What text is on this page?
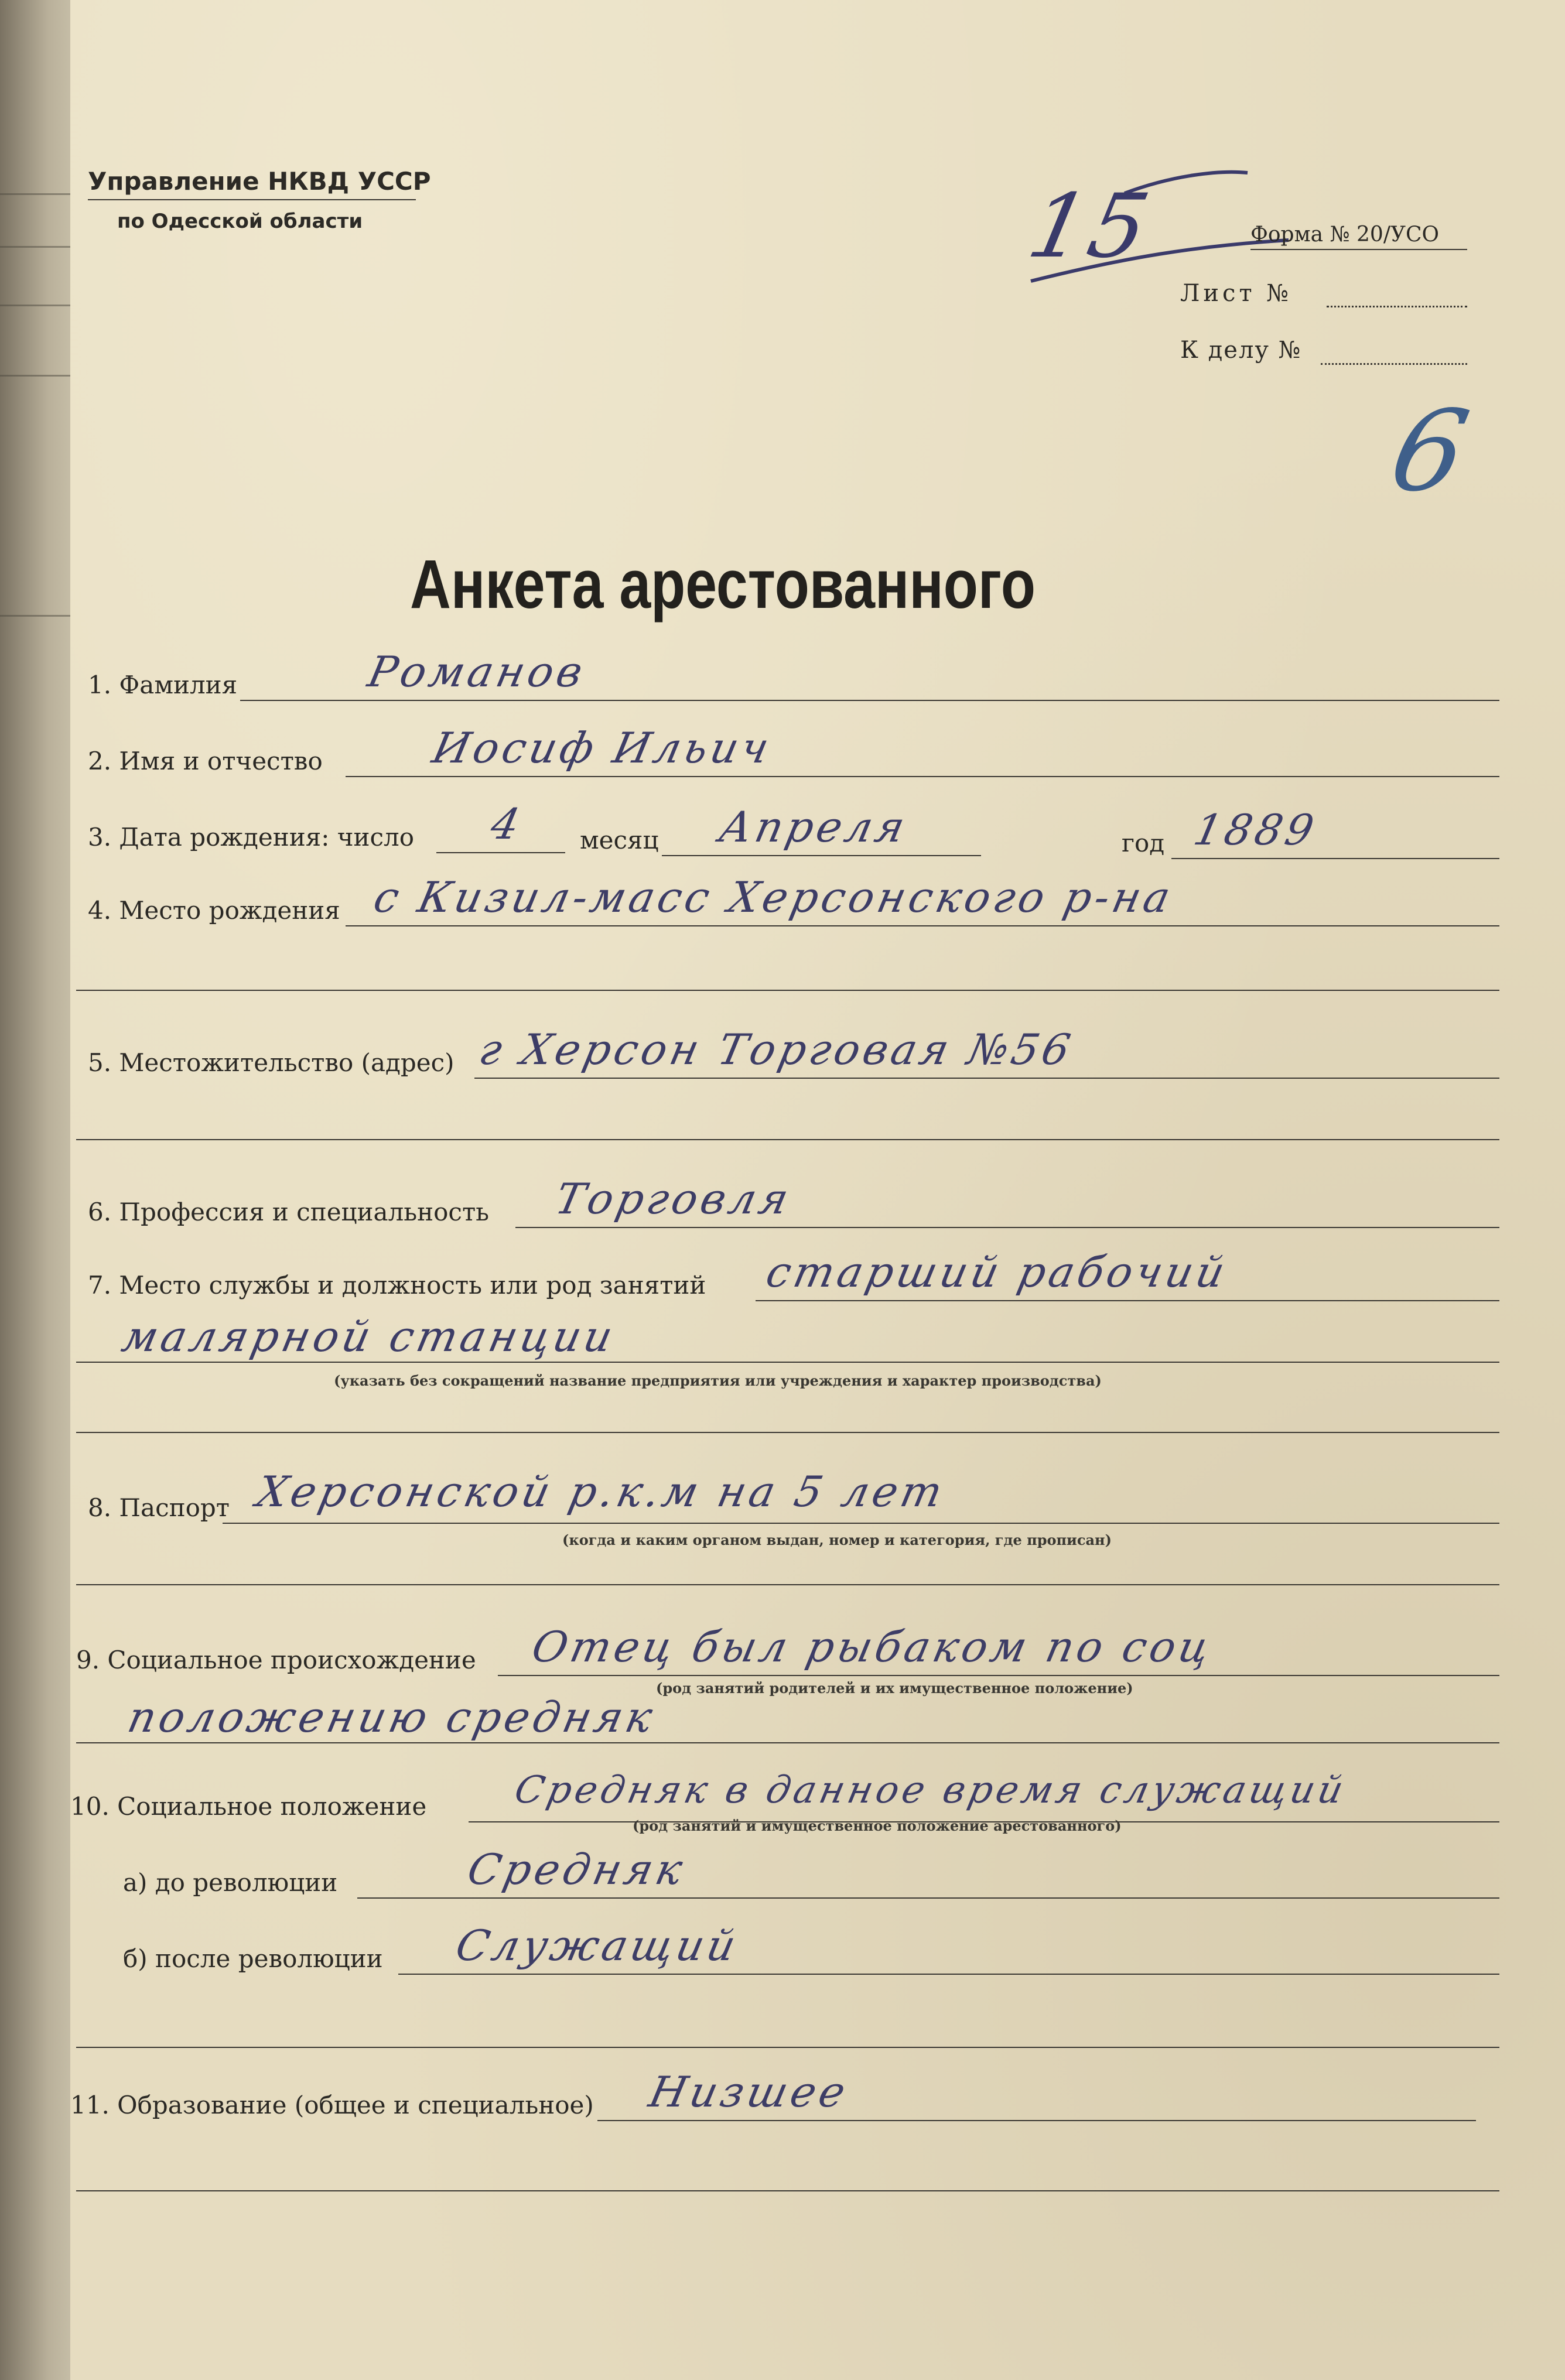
Управление НКВД УССР
по Одесской области	15	Форма № 20/УСО
Лист №
К делу №
6
Анкета арестованного
1. Фамилия	Романов
2. Имя и отчество	Иосиф Ильич
3. Дата рождения: число 4 месяц Апреля	год 1889
4. Место рождения с Кизил-масс Херсонского р-на
5. Местожительство (адрес) г Херсон Торговая №56
6. Профессия и специальность Торговля
7. Место службы и должность или род занятий старший рабочий
малярной станции
(указать без сокращений название предприятия или учреждения и характер производства)
8. Паспорт Херсонской р.к.м на 5 лет
(когда и каким органом выдан, номер и категория, где прописан)
9. Социальное происхождение Отец был рыбаком по соц
(род занятий родителей и их имущественное положение)
положению средняк
10. Социальное положение Средняк в данное время служащий
(род занятий и имущественное положение арестованного)
а) до революции	Средняк
б) после революции Служащий
11. Образование (общее и специальное) Низшее
